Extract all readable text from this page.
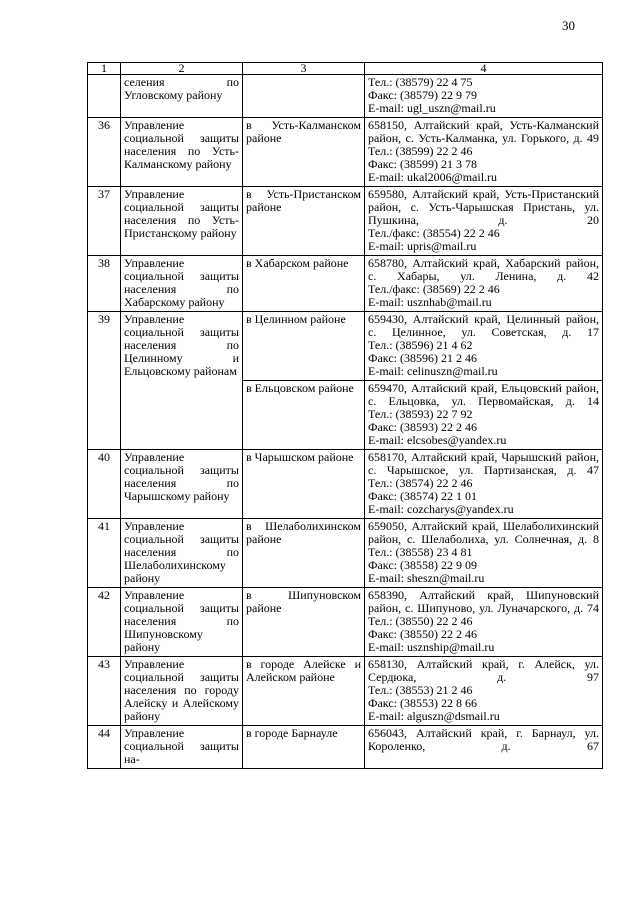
30
1	2	3	4
	селения по Угловскому району		Тел.: (38579) 22 4 75
Факс: (38579) 22 9 79
E-mail: ugl_uszn@mail.ru

36	Управление социальной защиты населения по Усть-Калманскому району	в Усть-Калманском районе	658150, Алтайский край, Усть-Калманский район, с. Усть-Калманка, ул. Горького, д. 49
Тел.: (38599) 22 2 46
Факс: (38599) 21 3 78
E-mail: ukal2006@mail.ru

37	Управление социальной защиты населения по Усть-Пристанскому району	в Усть-Пристанском районе	659580, Алтайский край, Усть-Пристанский район, с. Усть-Чарышская Пристань, ул. Пушкина, д. 20
Тел./факс: (38554) 22 2 46
E-mail: upris@mail.ru

38	Управление социальной защиты населения по Хабарскому району	в Хабарском районе	658780, Алтайский край, Хабарский район, с. Хабары, ул. Ленина, д. 42
Тел./факс: (38569) 22 2 46
E-mail: usznhab@mail.ru

39	Управление социальной защиты населения по Целинному и Ельцовскому районам	в Целинном районе	659430, Алтайский край, Целинный район, с. Целинное, ул. Советская, д. 17
Тел.: (38596) 21 4 62
Факс: (38596) 21 2 46
E-mail: celinuszn@mail.ru

		в Ельцовском районе	659470, Алтайский край, Ельцовский район, с. Ельцовка, ул. Первомайская, д. 14
Тел.: (38593) 22 7 92
Факс: (38593) 22 2 46
E-mail: elcsobes@yandex.ru

40	Управление социальной защиты населения по Чарышскому району	в Чарышском районе	658170, Алтайский край, Чарышский район, с. Чарышское, ул. Партизанская, д. 47
Тел.: (38574) 22 2 46
Факс: (38574) 22 1 01
E-mail: cozcharys@yandex.ru

41	Управление социальной защиты населения по Шелаболихинскому району	в Шелаболихинском районе	659050, Алтайский край, Шелаболихинский район, с. Шелаболиха, ул. Солнечная, д. 8
Тел.: (38558) 23 4 81
Факс: (38558) 22 9 09
E-mail: sheszn@mail.ru

42	Управление социальной защиты населения по Шипуновскому району	в Шипуновском районе	658390, Алтайский край, Шипуновский район, с. Шипуново, ул. Луначарского, д. 74
Тел.: (38550) 22 2 46
Факс: (38550) 22 2 46
E-mail: usznship@mail.ru

43	Управление социальной защиты населения по городу Алейску и Алейскому району	в городе Алейске и Алейском районе	658130, Алтайский край, г. Алейск, ул. Сердюка, д. 97
Тел.: (38553) 21 2 46
Факс: (38553) 22 8 66
E-mail: alguszn@dsmail.ru

44	Управление социальной защиты на-	в городе Барнауле	656043, Алтайский край, г. Барнаул, ул. Короленко, д. 67
